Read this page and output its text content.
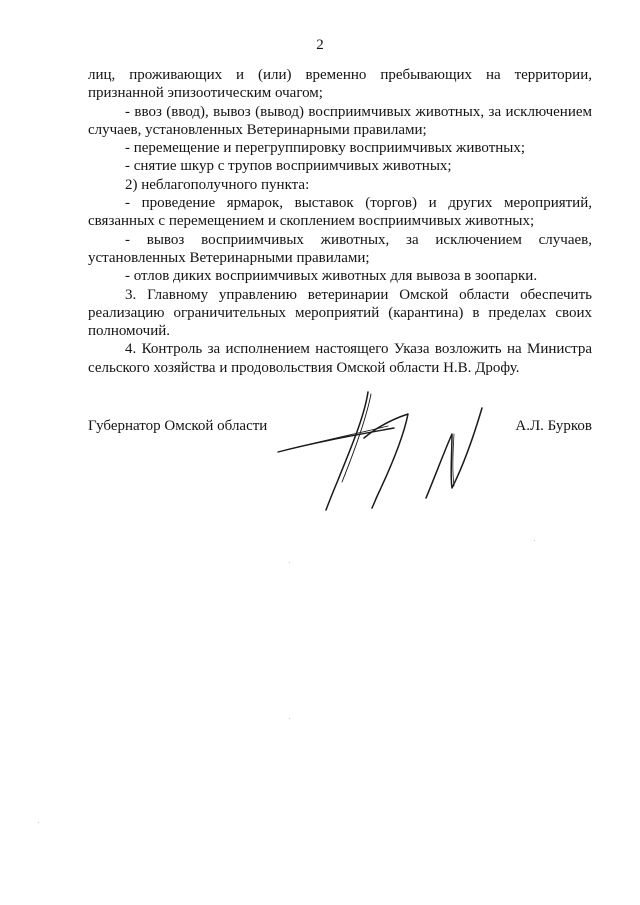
2

лиц, проживающих и (или) временно пребывающих на территории, признанной эпизоотическим очагом;

- ввоз (ввод), вывоз (вывод) восприимчивых животных, за исключением случаев, установленных Ветеринарными правилами;

- перемещение и перегруппировку восприимчивых животных;

- снятие шкур с трупов восприимчивых животных;

2) неблагополучного пункта:

- проведение ярмарок, выставок (торгов) и других мероприятий, связанных с перемещением и скоплением восприимчивых животных;

- вывоз восприимчивых животных, за исключением случаев, установленных Ветеринарными правилами;

- отлов диких восприимчивых животных для вывоза в зоопарки.

3. Главному управлению ветеринарии Омской области обеспечить реализацию ограничительных мероприятий (карантина) в пределах своих полномочий.

4. Контроль за исполнением настоящего Указа возложить на Министра сельского хозяйства и продовольствия Омской области Н.В. Дрофу.

Губернатор Омской области	А.Л. Бурков
